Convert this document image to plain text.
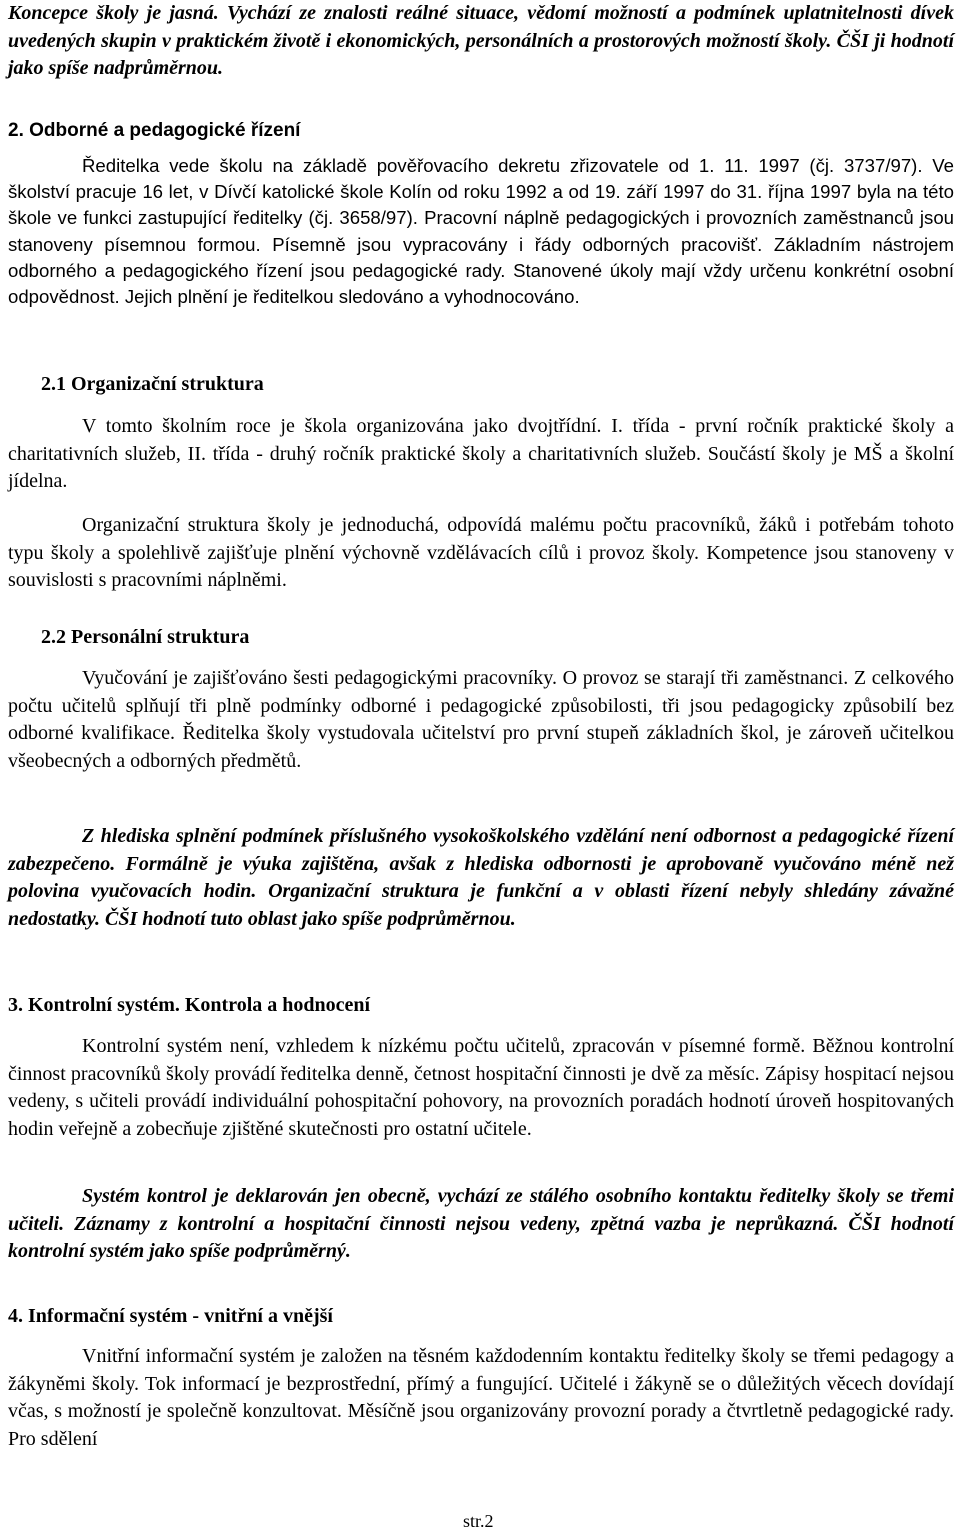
Koncepce školy je jasná. Vychází ze znalosti reálné situace, vědomí možností a podmínek uplatnitelnosti dívek uvedených skupin v praktickém životě i ekonomických, personálních a prostorových možností školy. ČŠI ji hodnotí jako spíše nadprůměrnou.

2. Odborné a pedagogické řízení

Ředitelka vede školu na základě pověřovacího dekretu zřizovatele od 1. 11. 1997 (čj. 3737/97). Ve školství pracuje 16 let, v Dívčí katolické škole Kolín od roku 1992 a od 19. září 1997 do 31. října 1997 byla na této škole ve funkci zastupující ředitelky (čj. 3658/97). Pracovní náplně pedagogických i provozních zaměstnanců jsou stanoveny písemnou formou. Písemně jsou vypracovány i řády odborných pracovišť. Základním nástrojem odborného a pedagogického řízení jsou pedagogické rady. Stanovené úkoly mají vždy určenu konkrétní osobní odpovědnost. Jejich plnění je ředitelkou sledováno a vyhodnocováno.

2.1 Organizační struktura

V tomto školním roce je škola organizována jako dvojtřídní. I. třída - první ročník praktické školy a charitativních služeb, II. třída - druhý ročník praktické školy a charitativních služeb. Součástí školy je MŠ a školní jídelna.

Organizační struktura školy je jednoduchá, odpovídá malému počtu pracovníků, žáků i potřebám tohoto typu školy a spolehlivě zajišťuje plnění výchovně vzdělávacích cílů i provoz školy. Kompetence jsou stanoveny v souvislosti s pracovními náplněmi.

2.2 Personální struktura

Vyučování je zajišťováno šesti pedagogickými pracovníky. O provoz se starají tři zaměstnanci. Z celkového počtu učitelů splňují tři plně podmínky odborné i pedagogické způsobilosti, tři jsou pedagogicky způsobilí bez odborné kvalifikace. Ředitelka školy vystudovala učitelství pro první stupeň základních škol, je zároveň učitelkou všeobecných a odborných předmětů.

Z hlediska splnění podmínek příslušného vysokoškolského vzdělání není odbornost a pedagogické řízení zabezpečeno. Formálně je výuka zajištěna, avšak z hlediska odbornosti je aprobovaně vyučováno méně než polovina vyučovacích hodin. Organizační struktura je funkční a v oblasti řízení nebyly shledány závažné nedostatky. ČŠI hodnotí tuto oblast jako spíše podprůměrnou.

3. Kontrolní systém. Kontrola a hodnocení

Kontrolní systém není, vzhledem k nízkému počtu učitelů, zpracován v písemné formě. Běžnou kontrolní činnost pracovníků školy provádí ředitelka denně, četnost hospitační činnosti je dvě za měsíc. Zápisy hospitací nejsou vedeny, s učiteli provádí individuální pohospitační pohovory, na provozních poradách hodnotí úroveň hospitovaných hodin veřejně a zobecňuje zjištěné skutečnosti pro ostatní učitele.

Systém kontrol je deklarován jen obecně, vychází ze stálého osobního kontaktu ředitelky školy se třemi učiteli. Záznamy z kontrolní a hospitační činnosti nejsou vedeny, zpětná vazba je neprůkazná. ČŠI hodnotí kontrolní systém jako spíše podprůměrný.

4. Informační systém - vnitřní a vnější

Vnitřní informační systém je založen na těsném každodenním kontaktu ředitelky školy se třemi pedagogy a žákyněmi školy. Tok informací je bezprostřední, přímý a fungující. Učitelé i žákyně se o důležitých věcech dovídají včas, s možností je společně konzultovat. Měsíčně jsou organizovány provozní porady a čtvrtletně pedagogické rady. Pro sdělení

str.2
